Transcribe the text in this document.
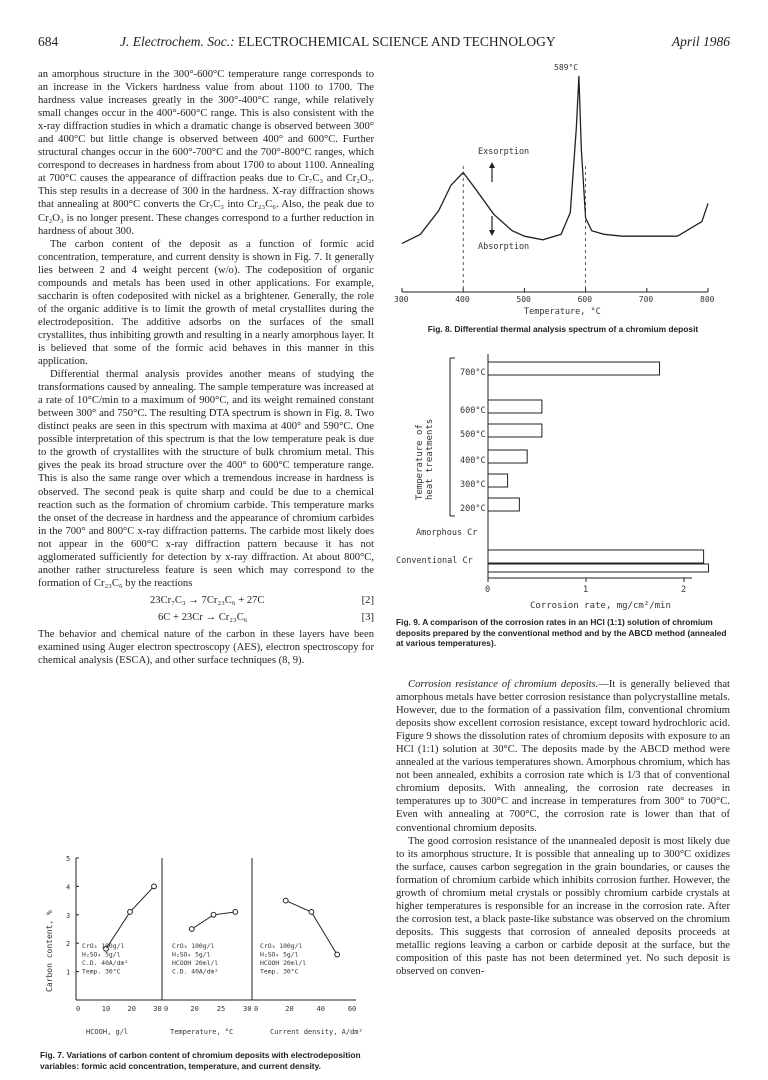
684	J. Electrochem. Soc.: ELECTROCHEMICAL SCIENCE AND TECHNOLOGY	April 1986

an amorphous structure in the 300°-600°C temperature range corresponds to an increase in the Vickers hardness value from about 1100 to 1700. The hardness value increases greatly in the 300°-400°C range, while relatively small changes occur in the 400°-600°C range. This is also consistent with the x-ray diffraction studies in which a dramatic change is observed between 300° and 400°C but little change is observed between 400° and 600°C. Further structural changes occur in the 600°-700°C and the 700°-800°C ranges, which correspond to decreases in hardness from about 1700 to about 1100. Annealing at 700°C causes the appearance of diffraction peaks due to Cr₇C₃ and Cr₂O₃. This step results in a decrease of 300 in the hardness. X-ray diffraction shows that annealing at 800°C converts the Cr₇C₃ into Cr₂₃C₆. Also, the peak due to Cr₂O₃ is no longer present. These changes correspond to a further reduction in hardness of about 300.

The carbon content of the deposit as a function of formic acid concentration, temperature, and current density is shown in Fig. 7. It generally lies between 2 and 4 weight percent (w/o). The codeposition of organic compounds and metals has been used in other applications. For example, saccharin is often codeposited with nickel as a brightener. Generally, the role of the organic additive is to limit the growth of metal crystallites during the electrodeposition. The additive adsorbs on the surfaces of the small crystallites, thus inhibiting growth and resulting in a nearly amorphous layer. It is believed that some of the formic acid behaves in this manner in this application.

Differential thermal analysis provides another means of studying the transformations caused by annealing. The sample temperature was increased at a rate of 10°C/min to a maximum of 900°C, and its weight remained constant between 300° and 750°C. The resulting DTA spectrum is shown in Fig. 8. Two distinct peaks are seen in this spectrum with maxima at 400° and 590°C. One possible interpretation of this spectrum is that the low temperature peak is due to the growth of crystallites with the structure of bulk chromium metal. This gives the peak its broad structure over the 400° to 600°C temperature range. This is also the same range over which a tremendous increase in hardness is observed. The second peak is quite sharp and could be due to a chemical reaction such as the formation of chromium carbide. This temperature marks the onset of the decrease in hardness and the appearance of chromium carbides in the 700° and 800°C x-ray diffraction patterns. The carbide most likely does not appear in the 600°C x-ray diffraction pattern because it has not agglomerated sufficiently for detection by x-ray diffraction. At about 800°C, another rather structureless feature is seen which may correspond to the formation of Cr₂₃C₆ by the reactions

23Cr₇C₃ → 7Cr₂₃C₆ + 27C	[2]
6C + 23Cr → Cr₂₃C₆	[3]

The behavior and chemical nature of the carbon in these layers have been examined using Auger electron spectroscopy (AES), electron spectroscopy for chemical analysis (ESCA), and other surface techniques (8, 9).

300	400	500	600	700	800
589°C
Exsorption
Absorption
Temperature, °C
Fig. 8. Differential thermal analysis spectrum of a chromium deposit
700°C
600°C
500°C
400°C
300°C
200°C
Amorphous Cr
Conventional Cr
0	1	2
Temperature of heat treatments
Corrosion rate, mg/cm²/min
Fig. 9. A comparison of the corrosion rates in an HCl (1:1) solution of chromium deposits prepared by the conventional method and by the ABCD method (annealed at various temperatures).
1
2
3
4
5
0	10 20 30
CrO₃ 100g/l
H₂SO₄ 5g/l
C.D. 40A/dm²
Temp. 30°C
0	20	25	30
CrO₃ 100g/l
H₂SO₄ 5g/l
HCOOH 20ml/l
C.D. 40A/dm²
0	20	40	60
CrO₃ 100g/l
H₂SO₄ 5g/l
HCOOH 20ml/l
Temp. 30°C
Carbon content, %
HCOOH, g/l	Temperature, °C	Current density, A/dm²
Fig. 7. Variations of carbon content of chromium deposits with electrodeposition variables: formic acid concentration, temperature, and current density.

Corrosion resistance of chromium deposits.—It is generally believed that amorphous metals have better corrosion resistance than polycrystalline metals. However, due to the formation of a passivation film, conventional chromium deposits show excellent corrosion resistance, except toward hydrochloric acid. Figure 9 shows the dissolution rates of chromium deposits with exposure to an HCl (1:1) solution at 30°C. The deposits made by the ABCD method were annealed at the various temperatures shown. Amorphous chromium, which has not been annealed, exhibits a corrosion rate which is 1/3 that of conventional chromium deposits. With annealing, the corrosion rate decreases in temperatures up to 300°C and increase in temperatures from 300° to 700°C. Even with annealing at 700°C, the corrosion rate is lower than that of conventional chromium deposits.

The good corrosion resistance of the unannealed deposit is most likely due to its amorphous structure. It is possible that annealing up to 300°C oxidizes the surface, causes carbon segregation in the grain boundaries, or causes the formation of chromium carbide which inhibits corrosion further. However, the growth of chromium metal crystals or possibly chromium carbide crystals at higher temperatures is responsible for an increase in the corrosion rate. After the corrosion test, a black paste-like substance was observed on the chromium deposits. This suggests that corrosion of annealed deposits proceeds at metallic regions leaving a carbon or carbide deposit at the surface, but the composition of this paste has not been determined yet. No such deposit is observed on conven-
